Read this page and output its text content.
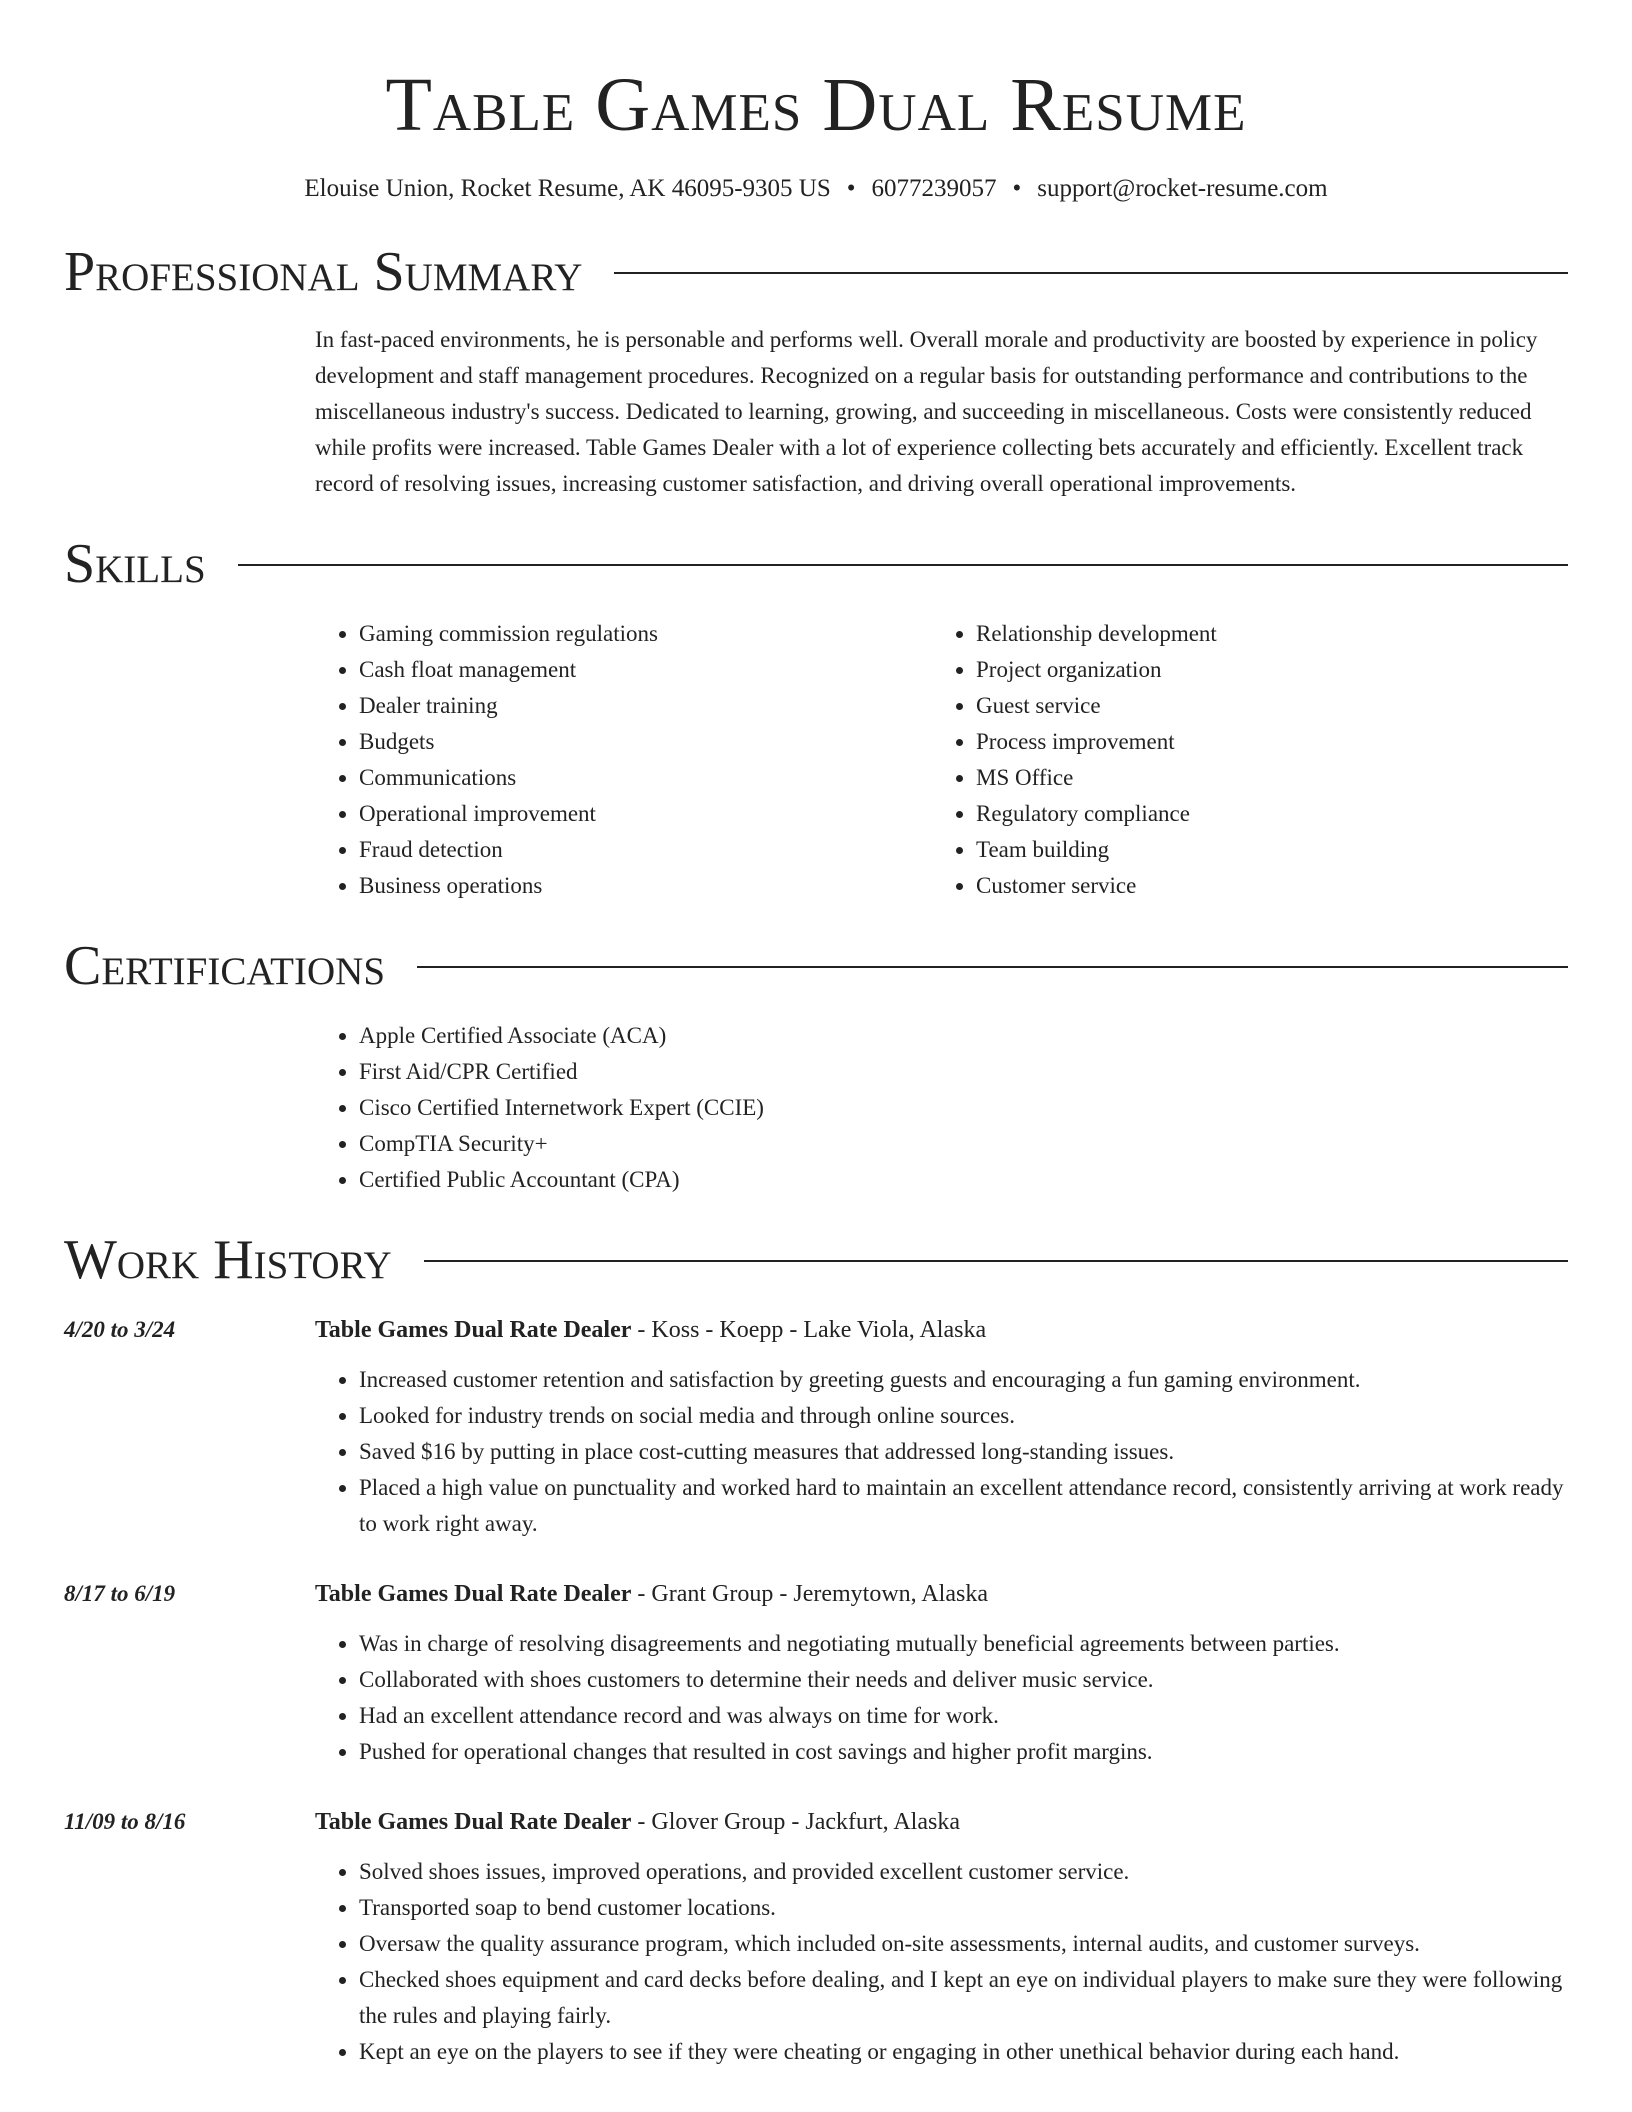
Table Games Dual Resume
Elouise Union, Rocket Resume, AK 46095-9305 US • 6077239057 • support@rocket-resume.com
Professional Summary

In fast-paced environments, he is personable and performs well. Overall morale and productivity are boosted by experience in policy development and staff management procedures. Recognized on a regular basis for outstanding performance and contributions to the miscellaneous industry's success. Dedicated to learning, growing, and succeeding in miscellaneous. Costs were consistently reduced while profits were increased. Table Games Dealer with a lot of experience collecting bets accurately and efficiently. Excellent track record of resolving issues, increasing customer satisfaction, and driving overall operational improvements.

Skills
• Gaming commission regulations
• Cash float management
• Dealer training
• Budgets
• Communications
• Operational improvement
• Fraud detection
• Business operations
• Relationship development
• Project organization
• Guest service
• Process improvement
• MS Office
• Regulatory compliance
• Team building
• Customer service
Certifications
• Apple Certified Associate (ACA)
• First Aid/CPR Certified
• Cisco Certified Internetwork Expert (CCIE)
• CompTIA Security+
• Certified Public Accountant (CPA)
Work History
4/20 to 3/24	Table Games Dual Rate Dealer - Koss - Koepp - Lake Viola, Alaska
• Increased customer retention and satisfaction by greeting guests and encouraging a fun gaming environment.
• Looked for industry trends on social media and through online sources.
• Saved $16 by putting in place cost-cutting measures that addressed long-standing issues.
• Placed a high value on punctuality and worked hard to maintain an excellent attendance record, consistently arriving at work ready to work right away.
8/17 to 6/19	Table Games Dual Rate Dealer - Grant Group - Jeremytown, Alaska
• Was in charge of resolving disagreements and negotiating mutually beneficial agreements between parties.
• Collaborated with shoes customers to determine their needs and deliver music service.
• Had an excellent attendance record and was always on time for work.
• Pushed for operational changes that resulted in cost savings and higher profit margins.
11/09 to 8/16	Table Games Dual Rate Dealer - Glover Group - Jackfurt, Alaska
• Solved shoes issues, improved operations, and provided excellent customer service.
• Transported soap to bend customer locations.
• Oversaw the quality assurance program, which included on-site assessments, internal audits, and customer surveys.
• Checked shoes equipment and card decks before dealing, and I kept an eye on individual players to make sure they were following the rules and playing fairly.
• Kept an eye on the players to see if they were cheating or engaging in other unethical behavior during each hand.
